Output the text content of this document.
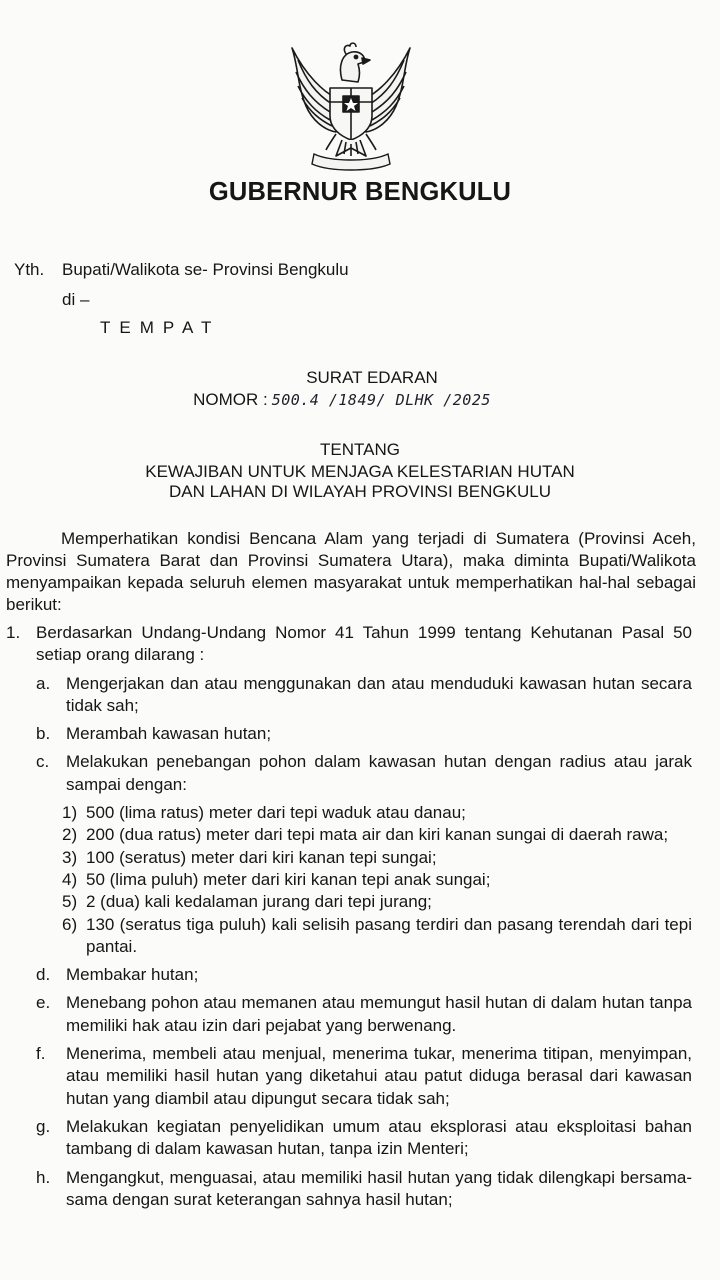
GUBERNUR BENGKULU
Yth. Bupati/Walikota se- Provinsi Bengkulu
di –
TEMPAT
SURAT EDARAN
NOMOR : 500.4 /1849/ DLHK /2025
TENTANG
KEWAJIBAN UNTUK MENJAGA KELESTARIAN HUTAN
DAN LAHAN DI WILAYAH PROVINSI BENGKULU

Memperhatikan kondisi Bencana Alam yang terjadi di Sumatera (Provinsi Aceh, Provinsi Sumatera Barat dan Provinsi Sumatera Utara), maka diminta Bupati/Walikota menyampaikan kepada seluruh elemen masyarakat untuk memperhatikan hal-hal sebagai berikut:

1. Berdasarkan Undang-Undang Nomor 41 Tahun 1999 tentang Kehutanan Pasal 50 setiap orang dilarang :
a. Mengerjakan dan atau menggunakan dan atau menduduki kawasan hutan secara tidak sah;
b. Merambah kawasan hutan;
c. Melakukan penebangan pohon dalam kawasan hutan dengan radius atau jarak sampai dengan:
1) 500 (lima ratus) meter dari tepi waduk atau danau;
2) 200 (dua ratus) meter dari tepi mata air dan kiri kanan sungai di daerah rawa;
3) 100 (seratus) meter dari kiri kanan tepi sungai;
4) 50 (lima puluh) meter dari kiri kanan tepi anak sungai;
5) 2 (dua) kali kedalaman jurang dari tepi jurang;
6) 130 (seratus tiga puluh) kali selisih pasang terdiri dan pasang terendah dari tepi pantai.
d. Membakar hutan;
e. Menebang pohon atau memanen atau memungut hasil hutan di dalam hutan tanpa memiliki hak atau izin dari pejabat yang berwenang.
f. Menerima, membeli atau menjual, menerima tukar, menerima titipan, menyimpan, atau memiliki hasil hutan yang diketahui atau patut diduga berasal dari kawasan hutan yang diambil atau dipungut secara tidak sah;
g. Melakukan kegiatan penyelidikan umum atau eksplorasi atau eksploitasi bahan tambang di dalam kawasan hutan, tanpa izin Menteri;
h. Mengangkut, menguasai, atau memiliki hasil hutan yang tidak dilengkapi bersama-sama dengan surat keterangan sahnya hasil hutan;
